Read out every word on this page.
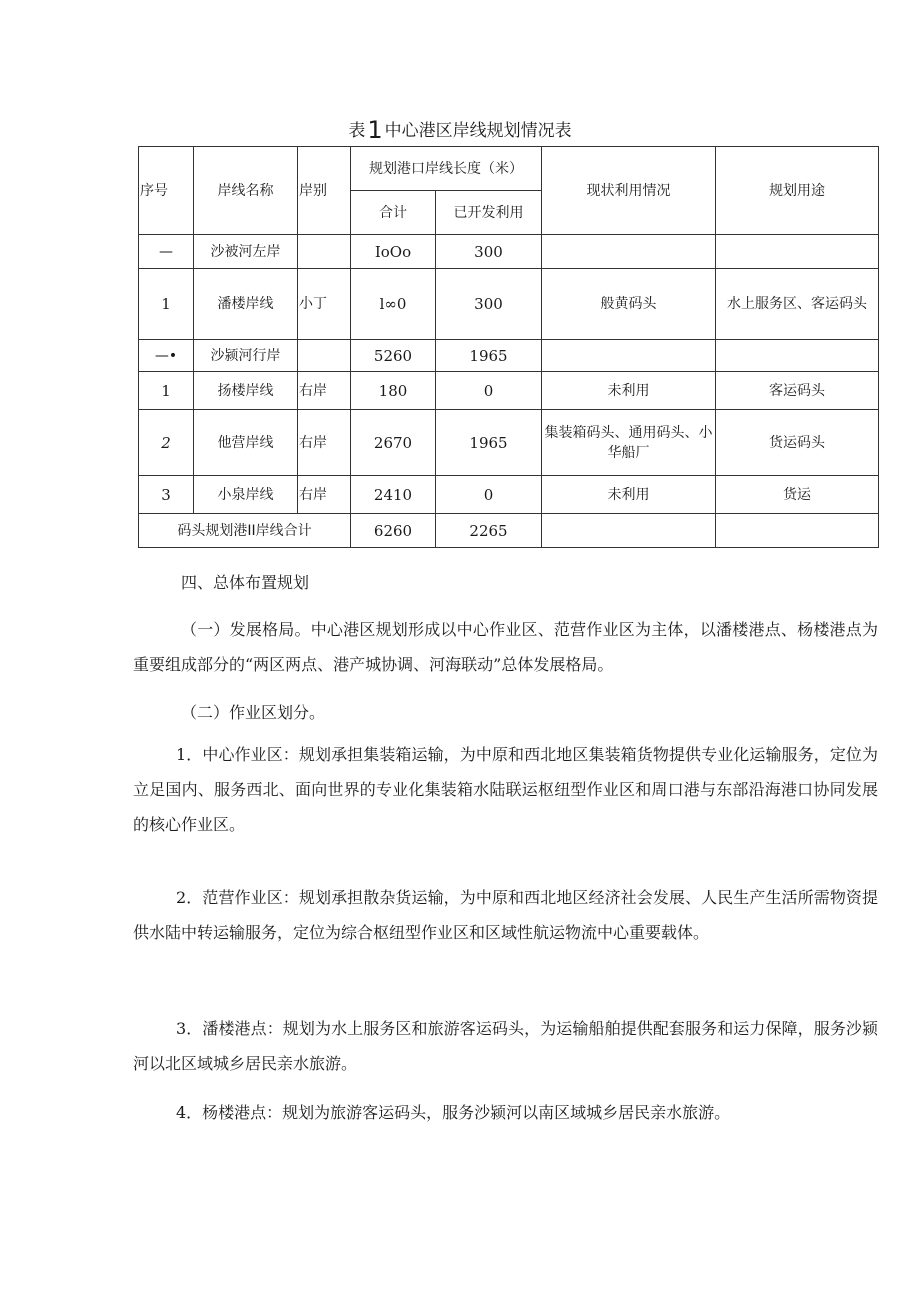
表1 中心港区岸线规划情况表
序号	岸线名称	岸别	规划港口岸线长度（米）		现状利用情况	规划用途
			合计	已开发利用		
—	沙被河左岸		IoOo	300		
1	潘楼岸线	小丁	l∞0	300	般黄码头	水上服务区、客运码头
—•	沙颍河行岸		5260	1965		
1	扬楼岸线	右岸	180	0	未利用	客运码头
2	他营岸线	右岸	2670	1965	集装箱码头、通用码头、小华船厂	货运码头
3	小泉岸线	右岸	2410	0	未利用	货运
码头规划港II岸线合计			6260	2265		

四、总体布置规划

（一）发展格局。中心港区规划形成以中心作业区、范营作业区为主体，以潘楼港点、杨楼港点为重要组成部分的“两区两点、港产城协调、河海联动”总体发展格局。

（二）作业区划分。

1．中心作业区：规划承担集装箱运输，为中原和西北地区集装箱货物提供专业化运输服务，定位为立足国内、服务西北、面向世界的专业化集装箱水陆联运枢纽型作业区和周口港与东部沿海港口协同发展的核心作业区。

2．范营作业区：规划承担散杂货运输，为中原和西北地区经济社会发展、人民生产生活所需物资提供水陆中转运输服务，定位为综合枢纽型作业区和区域性航运物流中心重要载体。

3．潘楼港点：规划为水上服务区和旅游客运码头，为运输船舶提供配套服务和运力保障，服务沙颍河以北区域城乡居民亲水旅游。

4．杨楼港点：规划为旅游客运码头，服务沙颍河以南区域城乡居民亲水旅游。
